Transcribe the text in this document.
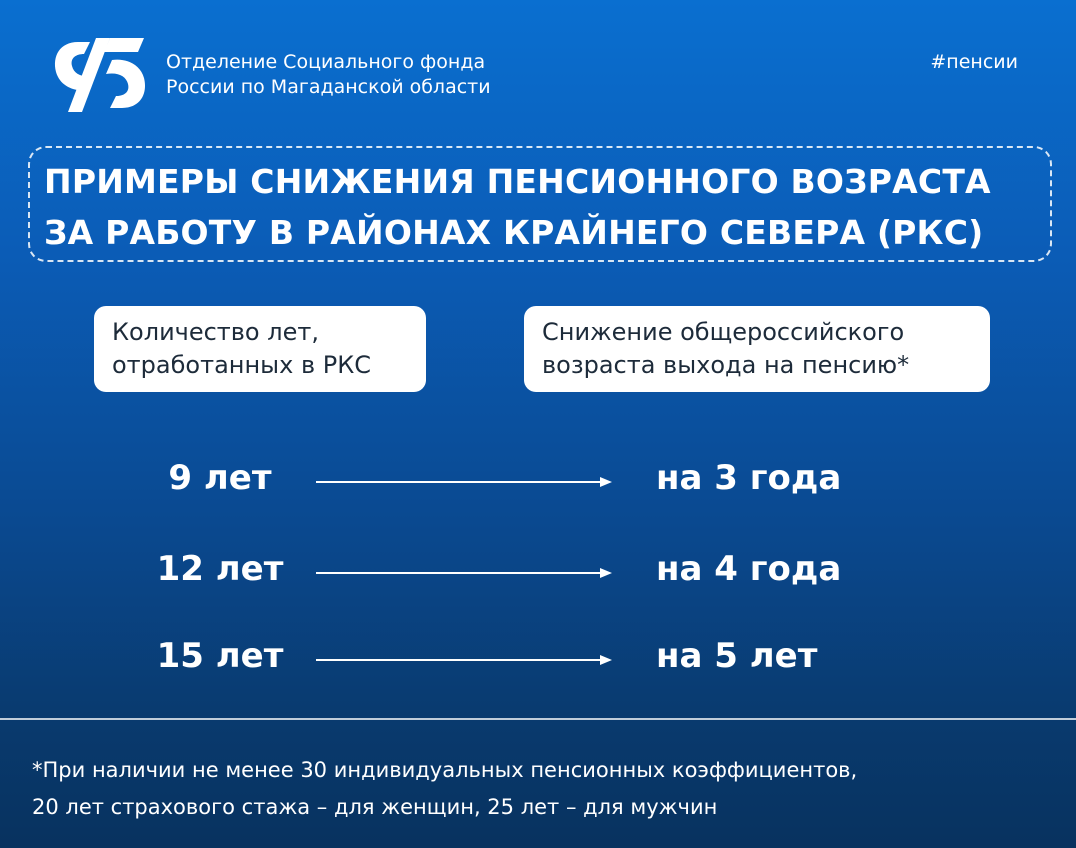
Отделение Социального фонда
России по Магаданской области
#пенсии
ПРИМЕРЫ СНИЖЕНИЯ ПЕНСИОННОГО ВОЗРАСТА
ЗА РАБОТУ В РАЙОНАХ КРАЙНЕГО СЕВЕРА (РКС)
Количество лет,
отработанных в РКС
Снижение общероссийского
возраста выхода на пенсию*
9 лет	на 3 года
12 лет	на 4 года
15 лет	на 5 лет
*При наличии не менее 30 индивидуальных пенсионных коэффициентов,
20 лет страхового стажа – для женщин, 25 лет – для мужчин
